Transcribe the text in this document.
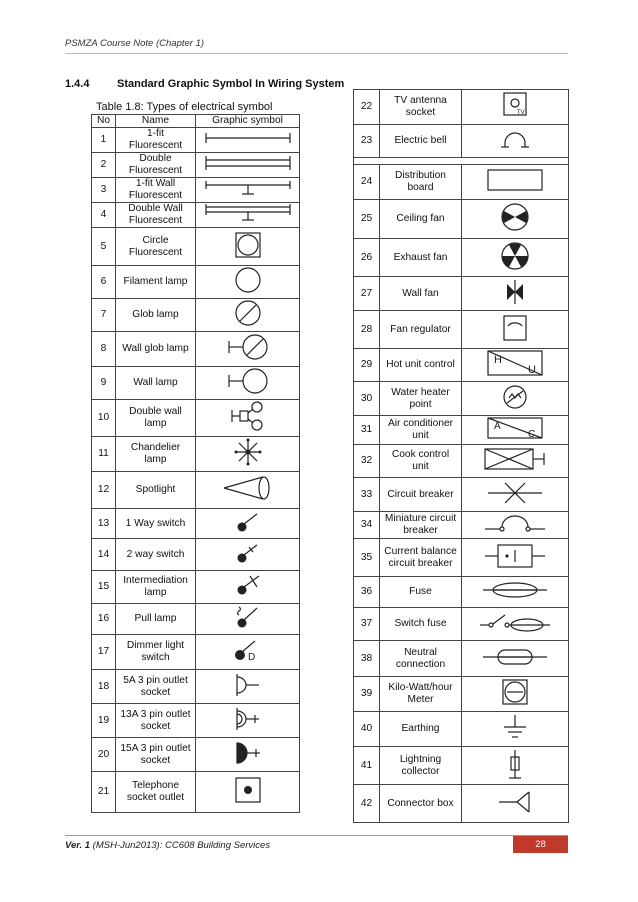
PSMZA Course Note (Chapter 1)
1.4.4	Standard Graphic Symbol In Wiring System
Table 1.8: Types of electrical symbol
No	Name	Graphic symbol
1	1-fit Fluorescent	

2	Double Fluorescent	

3	1-fit Wall Fluorescent	

4	Double Wall Fluorescent	

5	Circle Fluorescent	

6	Filament lamp	

7	Glob lamp	

8	Wall glob lamp	

9	Wall lamp	

10	Double wall lamp	

11	Chandelier lamp	

12	Spotlight	

13	1 Way switch	

14	2 way switch	

15	Intermediation lamp	

16	Pull lamp	

17	Dimmer light switch	D

18	5A 3 pin outlet socket	

19	13A 3 pin outlet socket	

20	15A 3 pin outlet socket	

21	Telephone socket outlet	
22	TV antenna socket	TV

23	Electric bell	

24	Distribution board	

25	Ceiling fan	

26	Exhaust fan	

27	Wall fan	

28	Fan regulator	

29	Hot unit control	H
U

30	Water heater point	

31	Air conditioner unit	A
C

32	Cook control unit	

33	Circuit breaker	

34	Miniature circuit breaker	

35	Current balance circuit breaker	

36	Fuse	

37	Switch fuse	

38	Neutral connection	

39	Kilo-Watt/hour Meter	

40	Earthing	

41	Lightning collector	

42	Connector box	
Ver. 1 (MSH-Jun2013): CC608 Building Services	28
